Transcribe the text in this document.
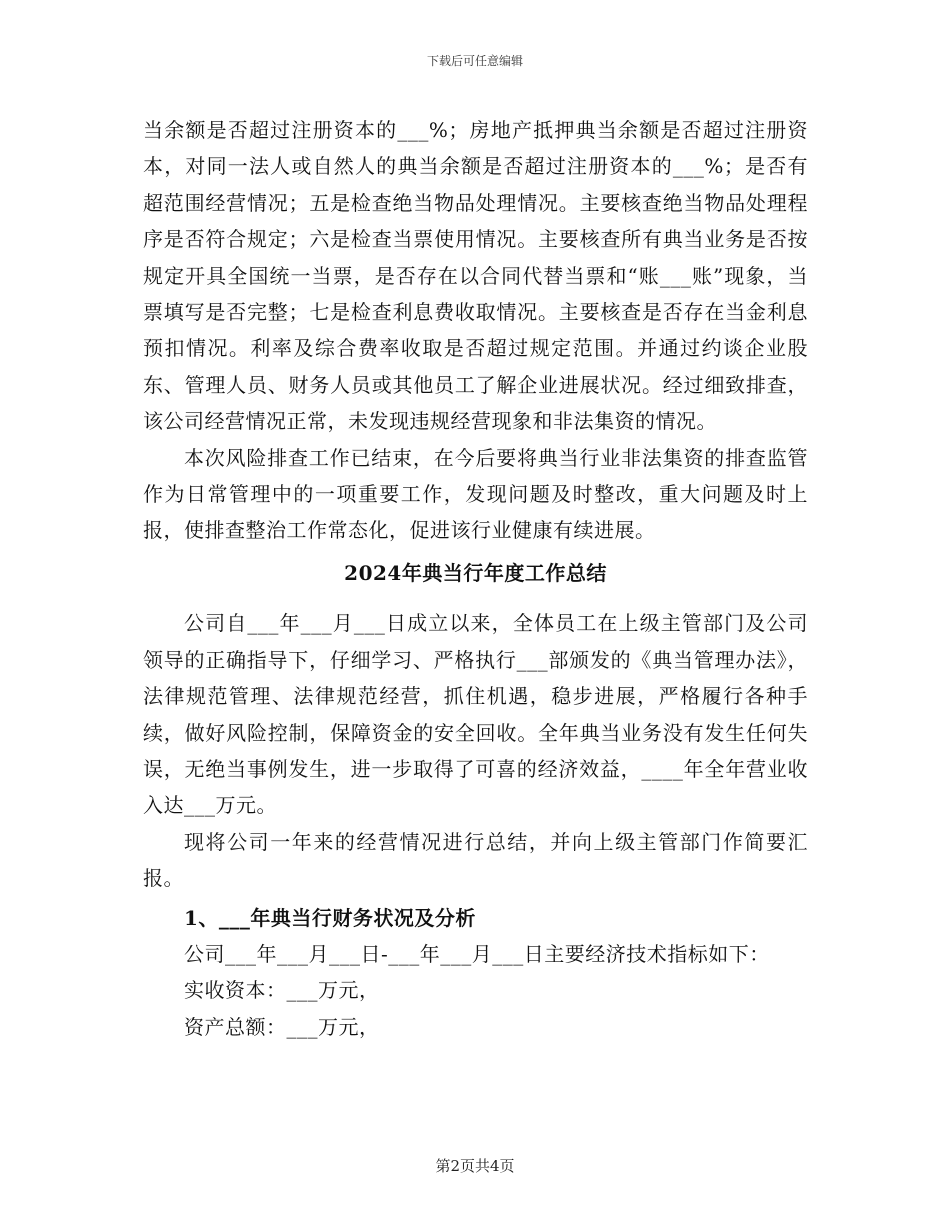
下载后可任意编辑

当余额是否超过注册资本的___%；房地产抵押典当余额是否超过注册资本，对同一法人或自然人的典当余额是否超过注册资本的___%；是否有超范围经营情况；五是检查绝当物品处理情况。主要核查绝当物品处理程序是否符合规定；六是检查当票使用情况。主要核查所有典当业务是否按规定开具全国统一当票，是否存在以合同代替当票和“账___账”现象，当票填写是否完整；七是检查利息费收取情况。主要核查是否存在当金利息预扣情况。利率及综合费率收取是否超过规定范围。并通过约谈企业股东、管理人员、财务人员或其他员工了解企业进展状况。经过细致排查，该公司经营情况正常，未发现违规经营现象和非法集资的情况。

本次风险排查工作已结束，在今后要将典当行业非法集资的排查监管作为日常管理中的一项重要工作，发现问题及时整改，重大问题及时上报，使排查整治工作常态化，促进该行业健康有续进展。

2024年典当行年度工作总结

公司自___年___月___日成立以来，全体员工在上级主管部门及公司领导的正确指导下，仔细学习、严格执行___部颁发的《典当管理办法》，法律规范管理、法律规范经营，抓住机遇，稳步进展，严格履行各种手续，做好风险控制，保障资金的安全回收。全年典当业务没有发生任何失误，无绝当事例发生，进一步取得了可喜的经济效益，____年全年营业收入达___万元。

现将公司一年来的经营情况进行总结，并向上级主管部门作简要汇报。

1、___年典当行财务状况及分析

公司___年___月___日-___年___月___日主要经济技术指标如下：

实收资本：___万元，

资产总额：___万元，

第2页共4页
